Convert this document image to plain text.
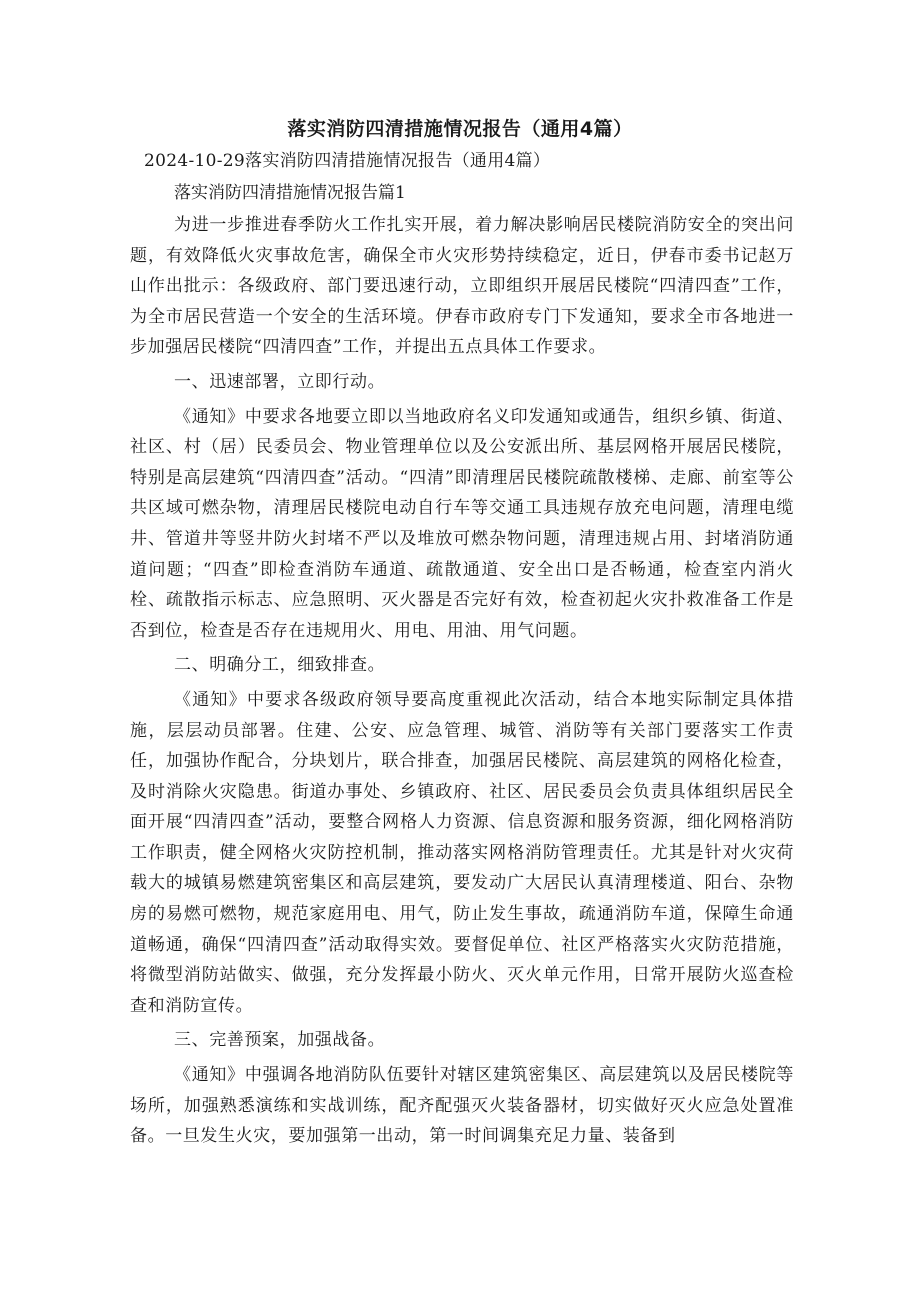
落实消防四清措施情况报告（通用4篇）
2024-10-29落实消防四清措施情况报告（通用4篇）
落实消防四清措施情况报告篇1

为进一步推进春季防火工作扎实开展，着力解决影响居民楼院消防安全的突出问题，有效降低火灾事故危害，确保全市火灾形势持续稳定，近日，伊春市委书记赵万山作出批示：各级政府、部门要迅速行动，立即组织开展居民楼院“四清四查”工作，为全市居民营造一个安全的生活环境。伊春市政府专门下发通知，要求全市各地进一步加强居民楼院“四清四查”工作，并提出五点具体工作要求。

一、迅速部署，立即行动。

《通知》中要求各地要立即以当地政府名义印发通知或通告，组织乡镇、街道、社区、村（居）民委员会、物业管理单位以及公安派出所、基层网格开展居民楼院，特别是高层建筑“四清四查”活动。“四清”即清理居民楼院疏散楼梯、走廊、前室等公共区域可燃杂物，清理居民楼院电动自行车等交通工具违规存放充电问题，清理电缆井、管道井等竖井防火封堵不严以及堆放可燃杂物问题，清理违规占用、封堵消防通道问题；“四查”即检查消防车通道、疏散通道、安全出口是否畅通，检查室内消火栓、疏散指示标志、应急照明、灭火器是否完好有效，检查初起火灾扑救准备工作是否到位，检查是否存在违规用火、用电、用油、用气问题。

二、明确分工，细致排查。

《通知》中要求各级政府领导要高度重视此次活动，结合本地实际制定具体措施，层层动员部署。住建、公安、应急管理、城管、消防等有关部门要落实工作责任，加强协作配合，分块划片，联合排查，加强居民楼院、高层建筑的网格化检查，及时消除火灾隐患。街道办事处、乡镇政府、社区、居民委员会负责具体组织居民全面开展“四清四查”活动，要整合网格人力资源、信息资源和服务资源，细化网格消防工作职责，健全网格火灾防控机制，推动落实网格消防管理责任。尤其是针对火灾荷载大的城镇易燃建筑密集区和高层建筑，要发动广大居民认真清理楼道、阳台、杂物房的易燃可燃物，规范家庭用电、用气，防止发生事故，疏通消防车道，保障生命通道畅通，确保“四清四查”活动取得实效。要督促单位、社区严格落实火灾防范措施，将微型消防站做实、做强，充分发挥最小防火、灭火单元作用，日常开展防火巡查检查和消防宣传。

三、完善预案，加强战备。

《通知》中强调各地消防队伍要针对辖区建筑密集区、高层建筑以及居民楼院等场所，加强熟悉演练和实战训练，配齐配强灭火装备器材，切实做好灭火应急处置准备。一旦发生火灾，要加强第一出动，第一时间调集充足力量、装备到
